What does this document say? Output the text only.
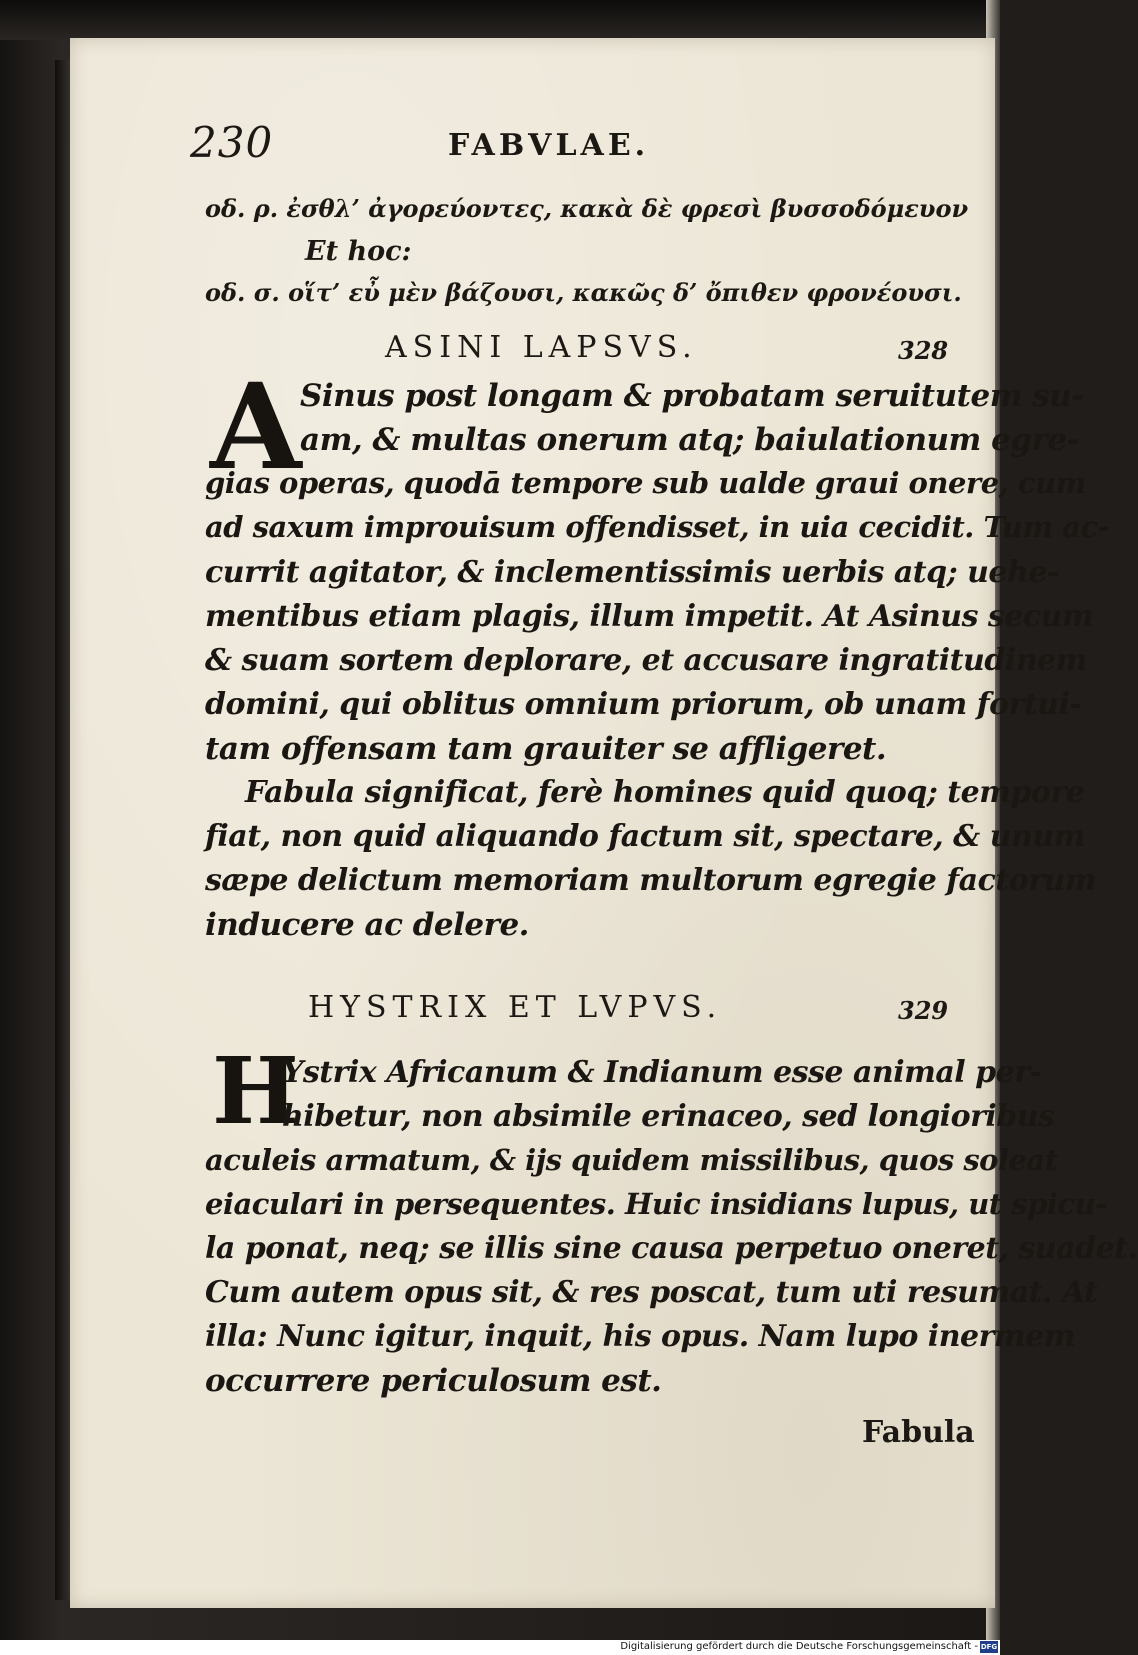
230	FABVLAE.
οδ. ρ. ἐσθλ’ ἀγορεύοντες, κακὰ δὲ φρεσὶ βυσσοδόμευον
Et hoc:
οδ. σ. οἵτ’ εὖ μὲν βάζουσι, κακῶς δ’ ὄπιθεν φρονέουσι.
ASINI LAPSVS.	328
A
Sinus post longam & probatam seruitutem su-
am, & multas onerum atq; baiulationum egre-
gias operas, quodā tempore sub ualde graui onere, cum
ad saxum improuisum offendisset, in uia cecidit. Tum ac-
currit agitator, & inclementissimis uerbis atq; uehe-
mentibus etiam plagis, illum impetit. At Asinus secum
& suam sortem deplorare, et accusare ingratitudinem
domini, qui oblitus omnium priorum, ob unam fortui-
tam offensam tam grauiter se affligeret.
Fabula significat, ferè homines quid quoq; tempore
fiat, non quid aliquando factum sit, spectare, & unum
sæpe delictum memoriam multorum egregie factorum
inducere ac delere.
HYSTRIX ET LVPVS.	329
H
Ystrix Africanum & Indianum esse animal per-
hibetur, non absimile erinaceo, sed longioribus
aculeis armatum, & ijs quidem missilibus, quos soleat
eiaculari in persequentes. Huic insidians lupus, ut spicu-
la ponat, neq; se illis sine causa perpetuo oneret, suadet.
Cum autem opus sit, & res poscat, tum uti resumat. At
illa: Nunc igitur, inquit, his opus. Nam lupo inermem
occurrere periculosum est.
Fabula
Digitalisierung gefördert durch die Deutsche Forschungsgemeinschaft - DFG
